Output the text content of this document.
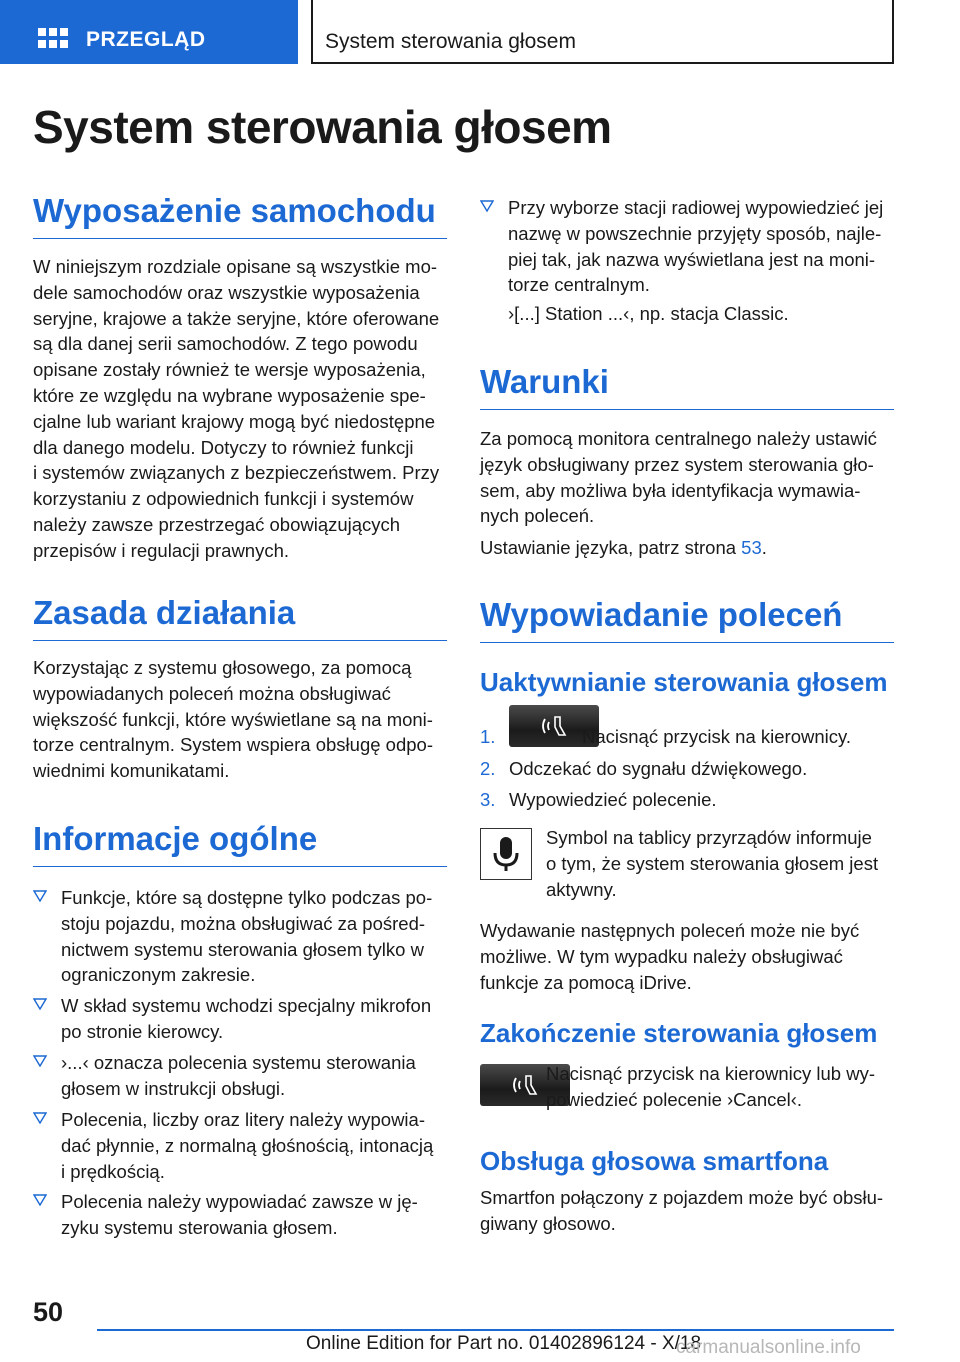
PRZEGLĄD	System sterowania głosem
System sterowania głosem
Wyposażenie samochodu

W niniejszym rozdziale opisane są wszystkie mo‐
dele samochodów oraz wszystkie wyposażenia
seryjne, krajowe a także seryjne, które oferowane
są dla danej serii samochodów. Z tego powodu
opisane zostały również te wersje wyposażenia,
które ze względu na wybrane wyposażenie spe‐
cjalne lub wariant krajowy mogą być niedostępne
dla danego modelu. Dotyczy to również funkcji
i systemów związanych z bezpieczeństwem. Przy
korzystaniu z odpowiednich funkcji i systemów
należy zawsze przestrzegać obowiązujących
przepisów i regulacji prawnych.

Zasada działania

Korzystając z systemu głosowego, za pomocą
wypowiadanych poleceń można obsługiwać
większość funkcji, które wyświetlane są na moni‐
torze centralnym. System wspiera obsługę odpo‐
wiednimi komunikatami.

Informacje ogólne
Funkcje, które są dostępne tylko podczas po‐
stoju pojazdu, można obsługiwać za pośred‐
nictwem systemu sterowania głosem tylko w
ograniczonym zakresie.
W skład systemu wchodzi specjalny mikrofon
po stronie kierowcy.
›...‹ oznacza polecenia systemu sterowania
głosem w instrukcji obsługi.
Polecenia, liczby oraz litery należy wypowia‐
dać płynnie, z normalną głośnością, intonacją
i prędkością.
Polecenia należy wypowiadać zawsze w ję‐
zyku systemu sterowania głosem.
Przy wyborze stacji radiowej wypowiedzieć jej
nazwę w powszechnie przyjęty sposób, najle‐
piej tak, jak nazwa wyświetlana jest na moni‐
torze centralnym.

›[...] Station ...‹, np. stacja Classic.

Warunki

Za pomocą monitora centralnego należy ustawić
język obsługiwany przez system sterowania gło‐
sem, aby możliwa była identyfikacja wymawia‐
nych poleceń.

Ustawianie języka, patrz strona 53.

Wypowiadanie poleceń
Uaktywnianie sterowania głosem
1.	Nacisnąć przycisk na kierownicy.
2. Odczekać do sygnału dźwiękowego.
3. Wypowiedzieć polecenie.

Symbol na tablicy przyrządów informuje
o tym, że system sterowania głosem jest
aktywny.

Wydawanie następnych poleceń może nie być
możliwe. W tym wypadku należy obsługiwać
funkcje za pomocą iDrive.

Zakończenie sterowania głosem

Nacisnąć przycisk na kierownicy lub wy‐
powiedzieć polecenie ›Cancel‹.

Obsługa głosowa smartfona

Smartfon połączony z pojazdem może być obsłu‐
giwany głosowo.

50
Online Edition for Part no. 01402896124 - X/18
carmanualsonline.info
